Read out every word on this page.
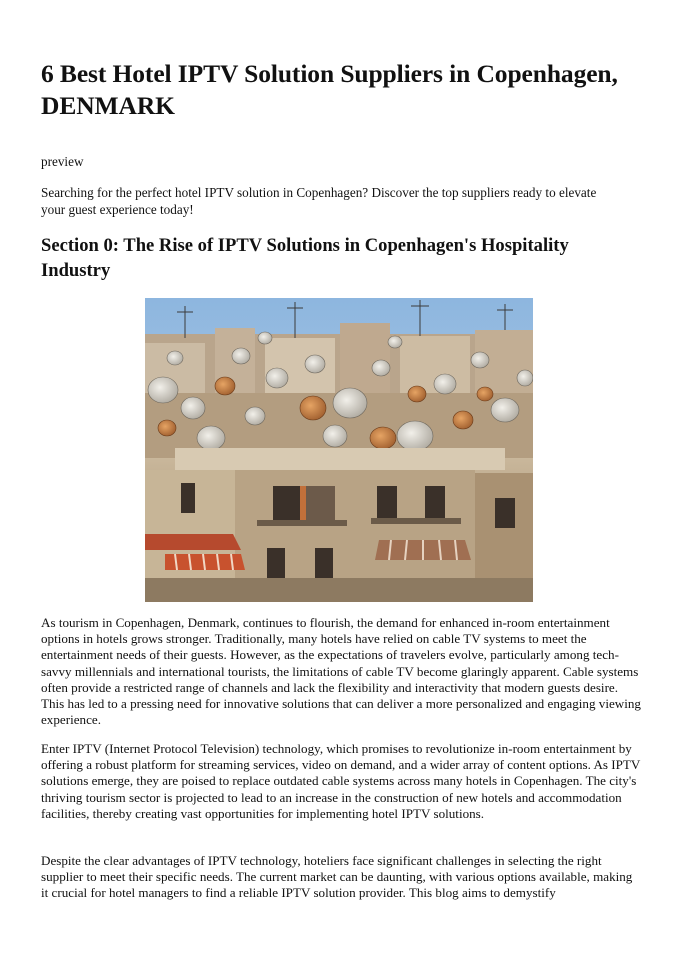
6 Best Hotel IPTV Solution Suppliers in Copenhagen, DENMARK

preview

Searching for the perfect hotel IPTV solution in Copenhagen? Discover the top suppliers ready to elevate your guest experience today!

Section 0: The Rise of IPTV Solutions in Copenhagen's Hospitality Industry

As tourism in Copenhagen, Denmark, continues to flourish, the demand for enhanced in-room entertainment options in hotels grows stronger. Traditionally, many hotels have relied on cable TV systems to meet the entertainment needs of their guests. However, as the expectations of travelers evolve, particularly among tech-savvy millennials and international tourists, the limitations of cable TV become glaringly apparent. Cable systems often provide a restricted range of channels and lack the flexibility and interactivity that modern guests desire. This has led to a pressing need for innovative solutions that can deliver a more personalized and engaging viewing experience.

Enter IPTV (Internet Protocol Television) technology, which promises to revolutionize in-room entertainment by offering a robust platform for streaming services, video on demand, and a wider array of content options. As IPTV solutions emerge, they are poised to replace outdated cable systems across many hotels in Copenhagen. The city's thriving tourism sector is projected to lead to an increase in the construction of new hotels and accommodation facilities, thereby creating vast opportunities for implementing hotel IPTV solutions.

Despite the clear advantages of IPTV technology, hoteliers face significant challenges in selecting the right supplier to meet their specific needs. The current market can be daunting, with various options available, making it crucial for hotel managers to find a reliable IPTV solution provider. This blog aims to demystify
